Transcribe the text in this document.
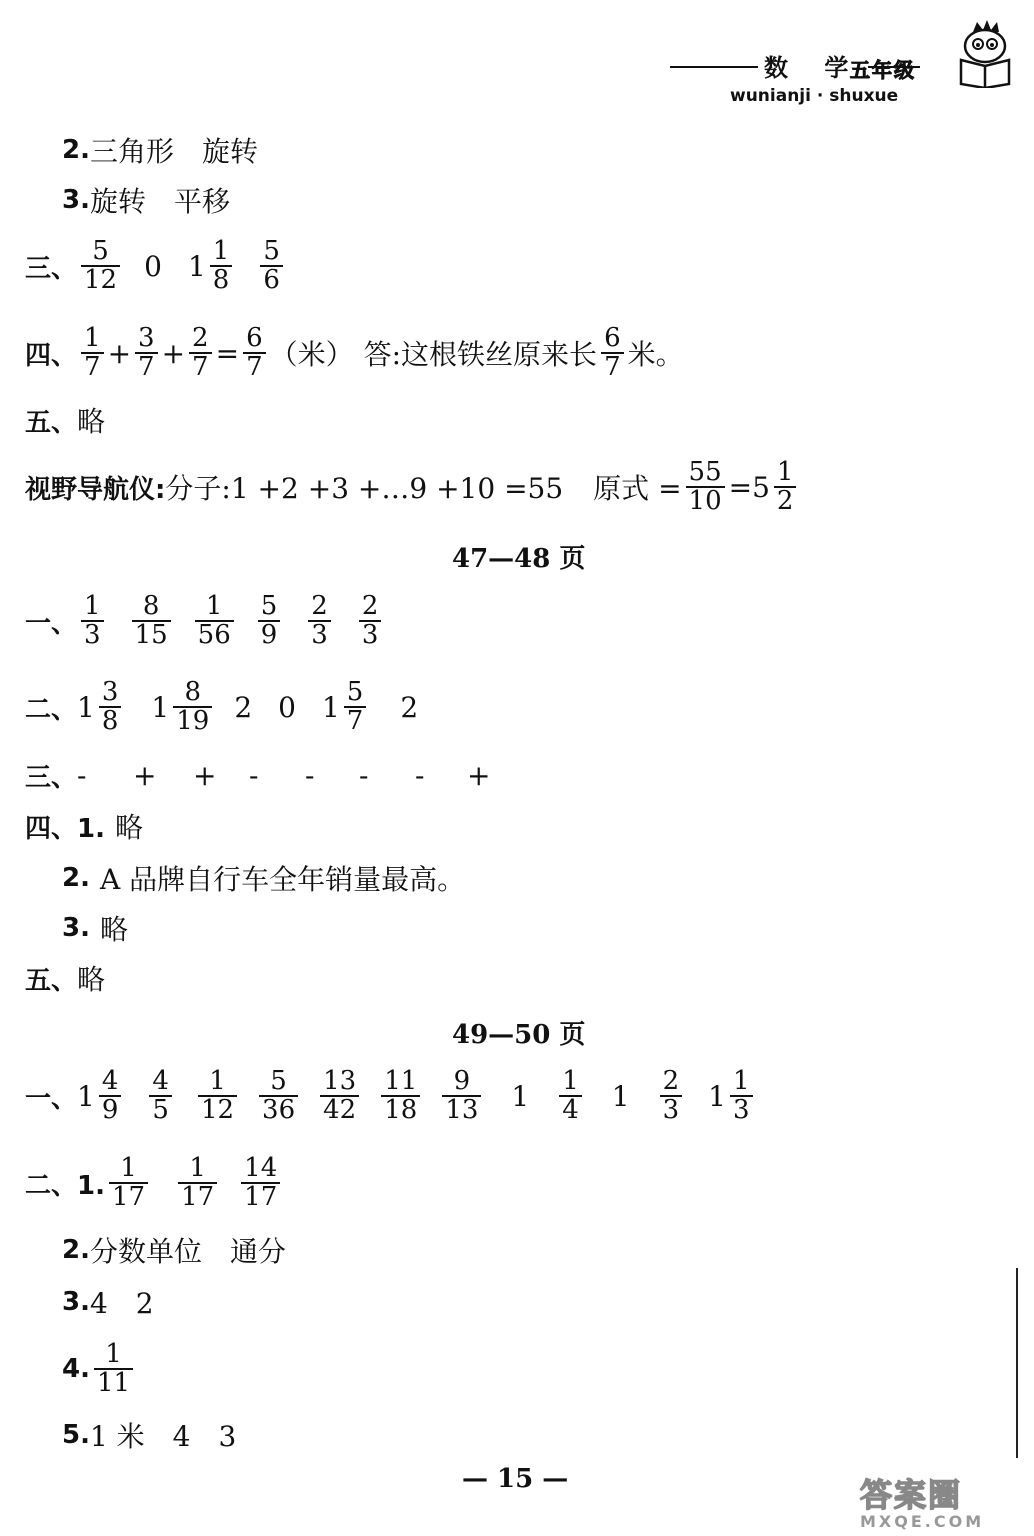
数 学
五年级
wunianji · shuxue
2. 三角形　旋转
3. 旋转　平移
三、 $\frac{5}{12} 0$ $1 \frac{1}{8} \frac{5}{6}$
四、 $\frac{1}{7} + \frac{3}{7} + \frac{2}{7} = \frac{6}{7}$ （米） 答:这根铁丝原来长 $\frac{6}{7}$ 米。
五、 略
视野导航仪: 分子:1 +2 +3 +…9 +10 =55 原式 = $\frac{55}{10} =5 \frac{1}{2}$
47—48 页
一、 $\frac{1}{3} \frac{8}{15} \frac{1}{56} \frac{5}{9} \frac{2}{3} \frac{2}{3}$
二、 $1 \frac{3}{8} 1 \frac{8}{19} 2$ 0 $1 \frac{5}{7} 2$
三、 -	+	+	-	-	-	-	+
四、1. 略
2. A 品牌自行车全年销量最高。
3. 略
五、 略
49—50 页
一、 $1 \frac{4}{9} \frac{4}{5} \frac{1}{12} \frac{5}{36} \frac{13}{42} \frac{11}{18} \frac{9}{13} 1 \frac{1}{4} 1 \frac{2}{3} 1 \frac{1}{3}$
二、1. $\frac{1}{17} \frac{1}{17} \frac{14}{17}$
2. 分数单位　通分
3. 4　2
4. $\frac{1}{11}$
5. 1 米　4　3
— 15 —	答案圈
MXQE.COM
